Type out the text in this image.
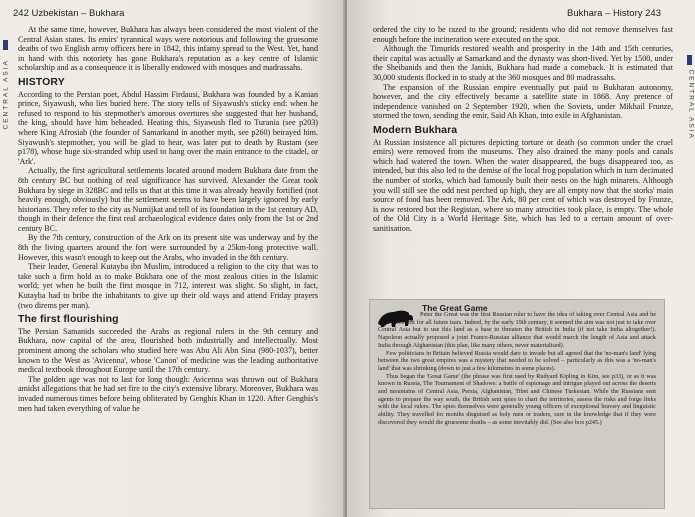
242 Uzbekistan – Bukhara
CENTRAL ASIA

At the same time, however, Bukhara has always been considered the most violent of the Central Asian states. Its emirs' tyrannical ways were notorious and following the gruesome deaths of two English army officers here in 1842, this infamy spread to the West. Yet, hand in hand with this notoriety has gone Bukhara's reputation as a key centre of Islamic scholarship and as a consequence it is liberally endowed with mosques and madrassahs.

HISTORY

According to the Persian poet, Abdul Hassim Firdausi, Bukhara was founded by a Kanian prince, Siyawush, who lies buried here. The story tells of Siyawush's sticky end: when he refused to respond to his stepmother's amorous overtures she suggested that her husband, the king, should have him beheaded. Heating this, Siyawush fled to Turania (see p203) where King Afrosiab (the founder of Samarkand in another myth, see p260) betrayed him. Siyawush's stepmother, you will be glad to hear, was later put to death by Rustam (see p178), whose huge six-stranded whip used to hang over the main entrance to the citadel, or 'Ark'.

Actually, the first agricultural settlements located around modern Bukhara date from the 8th century BC but nothing of real significance has survived. Alexander the Great took Bukhara by siege in 328BC and tells us that at this time it was already heavily fortified (not heavily enough, obviously) but the settlement seems to have been largely ignored by early historians. They refer to the city as Numijkat and tell of its foundation in the 1st century AD, though in their defence the first real archaeological evidence dates only from the 1st or 2nd century BC.

By the 7th century, construction of the Ark on its present site was underway and by the 8th the living quarters around the fort were surrounded by a 25km-long protective wall. However, this wasn't enough to keep out the Arabs, who invaded in the 8th century.

Their leader, General Kutayba ibn Muslim, introduced a religion to the city that was to take such a firm hold as to make Bukhara one of the most zealous cities in the Islamic world; yet when he built the first mosque in 712, interest was slight. So slight, in fact, Kutayba had to bribe the inhabitants to give up their old ways and attend Friday prayers (two direms per man).

The first flourishing

The Persian Samanids succeeded the Arabs as regional rulers in the 9th century and Bukhara, now capital of the area, flourished both industrially and intellectually. Most prominent among the scholars who studied here was Abu Ali Abn Sina (980-1037), better known to the West as 'Avicenna', whose 'Canon' of medicine was the leading authoritative medical textbook throughout Europe until the 17th century.

The golden age was not to last for long though: Avicenna was thrown out of Bukhara amidst allegations that he had set fire to the city's extensive library. Moreover, Bukhara was invaded numerous times before being obliterated by Genghis Khan in 1220. After Genghis's men had taken everything of value he

Bukhara – History 243
CENTRAL ASIA

ordered the city to be razed to the ground; residents who did not remove themselves fast enough before the incineration were executed on the spot.

Although the Timurids restored wealth and prosperity in the 14th and 15th centuries, their capital was actually at Samarkand and the dynasty was short-lived. Yet by 1500, under the Sheibanids and then the Janids, Bukhara had made a comeback. It is estimated that 30,000 students flocked in to study at the 360 mosques and 80 madrassahs.

The expansion of the Russian empire eventually put paid to Bukharan autonomy, however, and the city effectively became a satellite state in 1868. Any pretence of independence vanished on 2 September 1920, when the Soviets, under Mikhail Frunze, stormed the town, sending the emir, Said Ah Khan, into exile in Afghanistan.

Modern Bukhara

At Russian insistence all pictures depicting torture or death (so common under the cruel emirs) were removed from the museums. They also drained the many pools and canals which had watered the town. When the water disappeared, the bugs disappeared too, as intended, but this also led to the demise of the local frog population which in turn decimated the number of storks, which had famously built their nests on the high minarets. Although you will still see the odd nest perched up high, they are all empty now that the storks' main source of food has been removed. The Ark, 80 per cent of which was destroyed by Frunze, is now restored but the Registan, where so many atrocities took place, is empty. The whole of the Old City is a World Heritage Site, which has led to a certain amount of over-sanitisation.

The Great Game

Peter the Great was the first Russian ruler to have the idea of taking over Central Asia and he set a precedent for all future tsars. Indeed, by the early 19th century, it seemed the aim was not just to take over Central Asia but to use this land as a base to threaten the British in India (if not take India altogether!). Napoleon actually proposed a joint Franco-Russian alliance that would march the length of Asia and attack India through Afghanistan (this plan, like many others, never materialised).

Few politicians in Britain believed Russia would dare to invade but all agreed that the 'no-man's land' lying between the two great empires was a mystery that needed to be solved – particularly as this was a 'no-man's land' that was shrinking (down to just a few kilometres in some places).

Thus began the 'Great Game' (the phrase was first used by Rudyard Kipling in Kim, see p33), or as it was known in Russia, The Tournament of Shadows: a battle of espionage and intrigue played out across the deserts and mountains of Central Asia, Persia, Afghanistan, Tibet and Chinese Turkestan. While the Russians sent agents to prepare the way south, the British sent spies to chart the territories, assess the risks and forge links with the local rulers. The spies themselves were generally young officers of exceptional bravery and linguistic ability. They travelled for months disguised as holy men or traders, sure in the knowledge that if they were discovered they would die gruesome deaths – as some inevitably did. (See also box p245.)
